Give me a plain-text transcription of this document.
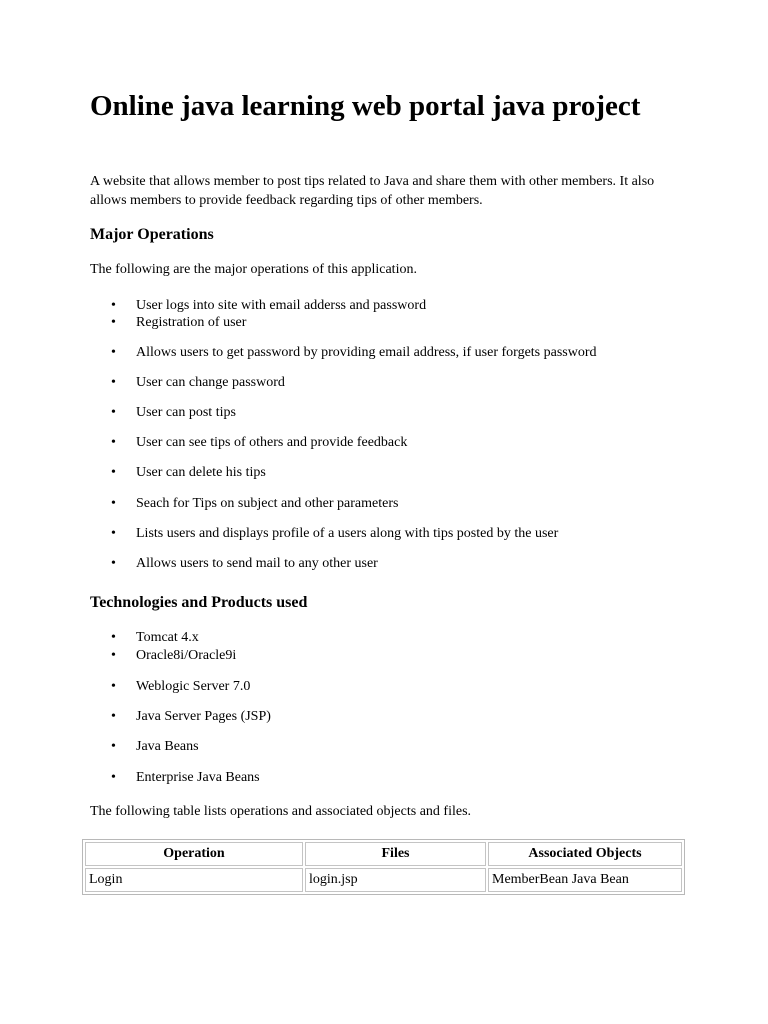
Online java learning web portal java project

A website that allows member to post tips related to Java and share them with other members. It also allows members to provide feedback regarding tips of other members.

Major Operations

The following are the major operations of this application.

• User logs into site with email adderss and password
• Registration of user
• Allows users to get password by providing email address, if user forgets password
• User can change password
• User can post tips
• User can see tips of others and provide feedback
• User can delete his tips
• Seach for Tips on subject and other parameters
• Lists users and displays profile of a users along with tips posted by the user
• Allows users to send mail to any other user
Technologies and Products used
• Tomcat 4.x
• Oracle8i/Oracle9i
• Weblogic Server 7.0
• Java Server Pages (JSP)
• Java Beans
• Enterprise Java Beans

The following table lists operations and associated objects and files.

Operation	Files	Associated Objects
Login	login.jsp	MemberBean Java Bean
